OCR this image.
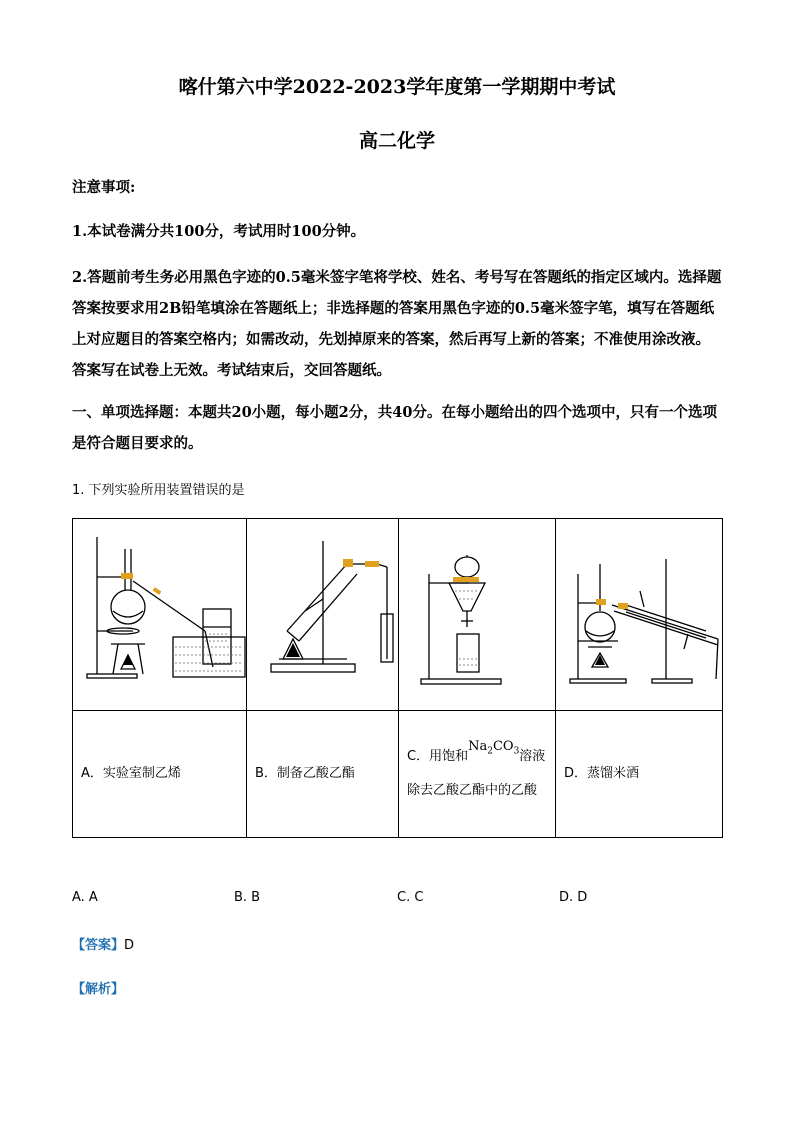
喀什第六中学2022-2023学年度第一学期期中考试
高二化学
注意事项:
1.本试卷满分共100分，考试用时100分钟。
2.答题前考生务必用黑色字迹的0.5毫米签字笔将学校、姓名、考号写在答题纸的指定区域内。选择题答案按要求用2B铅笔填涂在答题纸上；非选择题的答案用黑色字迹的0.5毫米签字笔，填写在答题纸上对应题目的答案空格内；如需改动，先划掉原来的答案，然后再写上新的答案；不准使用涂改液。答案写在试卷上无效。考试结束后，交回答题纸。
一、单项选择题：本题共20小题，每小题2分，共40分。在每小题给出的四个选项中，只有一个选项是符合题目要求的。
1. 下列实验所用装置错误的是

A．实验室制乙烯	B．制备乙酸乙酯	C．用饱和$Na_2CO_3$溶液除去乙酸乙酯中的乙酸	D．蒸馏米酒
A. A	B. B	C. C	D. D
【答案】D
【解析】
